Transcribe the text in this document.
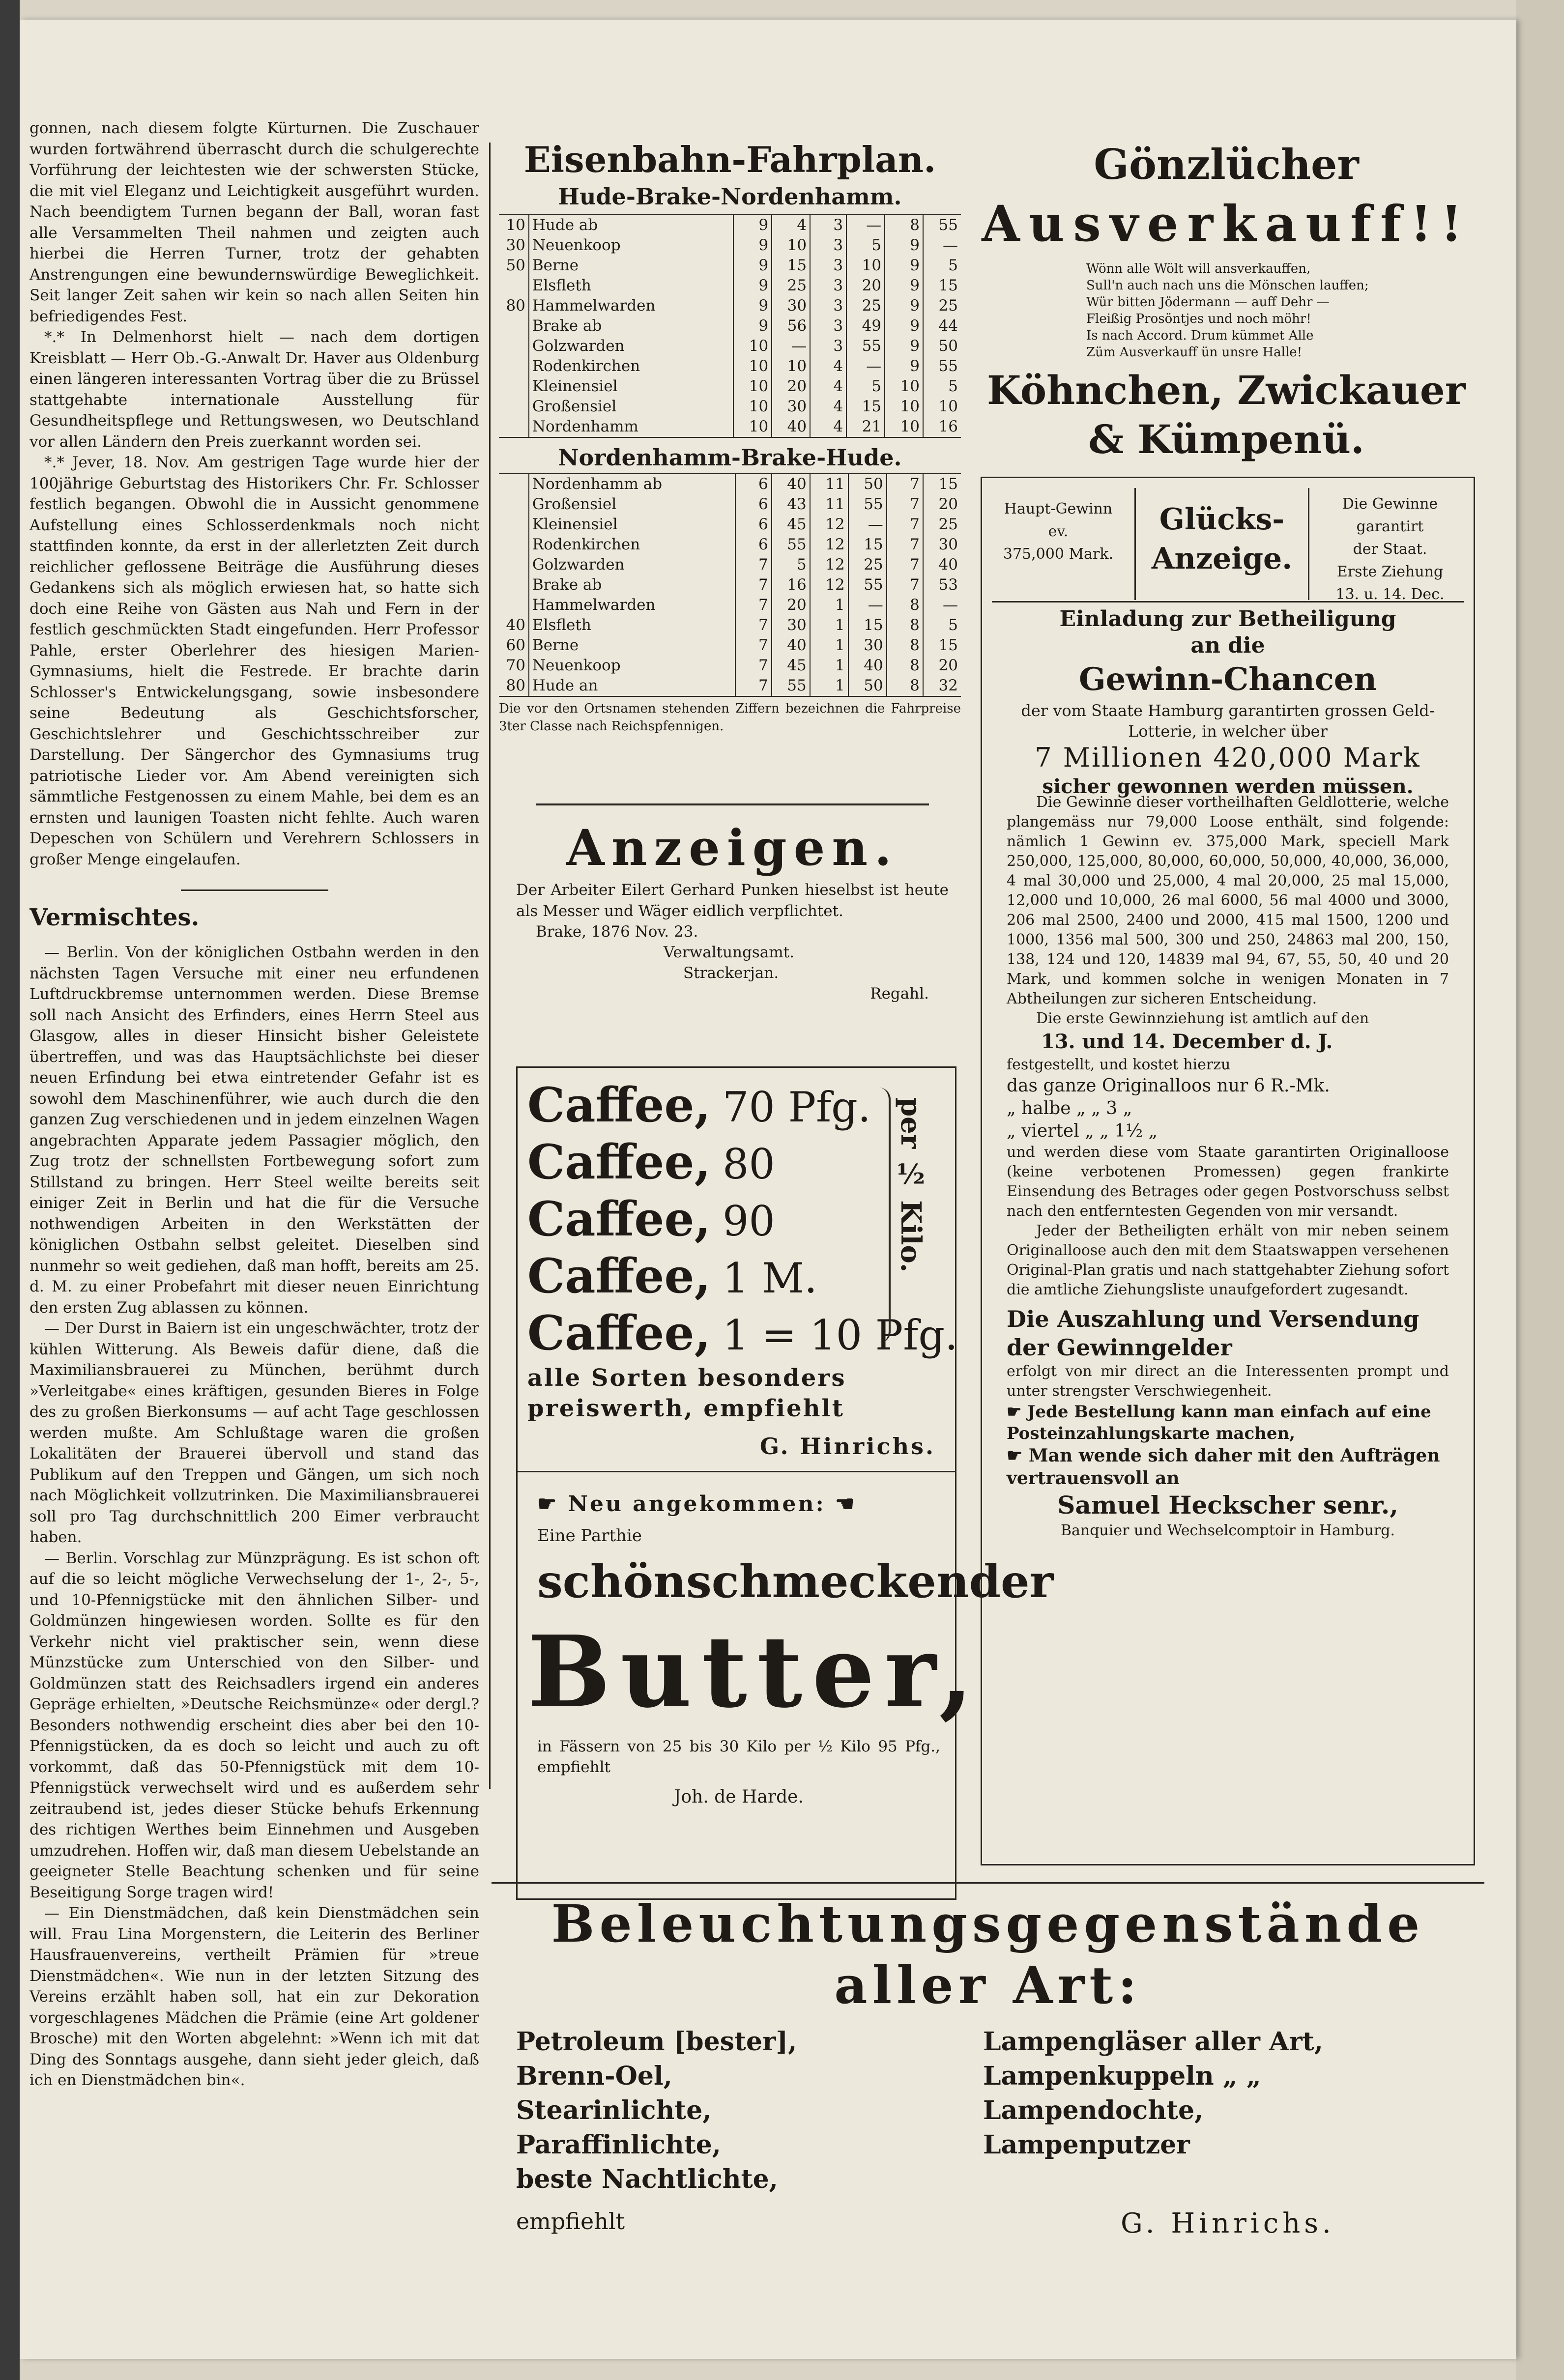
gonnen, nach diesem folgte Kürturnen. Die Zuschauer wurden fortwährend überrascht durch die schulgerechte Vorführung der leichtesten wie der schwersten Stücke, die mit viel Eleganz und Leichtigkeit ausgeführt wurden. Nach beendigtem Turnen begann der Ball, woran fast alle Versammelten Theil nahmen und zeigten auch hierbei die Herren Turner, trotz der gehabten Anstrengungen eine bewundernswürdige Beweglichkeit. Seit langer Zeit sahen wir kein so nach allen Seiten hin befriedigendes Fest.

*.* In Delmenhorst hielt — nach dem dortigen Kreisblatt — Herr Ob.-G.-Anwalt Dr. Haver aus Oldenburg einen längeren interessanten Vortrag über die zu Brüssel stattgehabte internationale Ausstellung für Gesundheitspflege und Rettungswesen, wo Deutschland vor allen Ländern den Preis zuerkannt worden sei.

*.* Jever, 18. Nov. Am gestrigen Tage wurde hier der 100jährige Geburtstag des Historikers Chr. Fr. Schlosser festlich begangen. Obwohl die in Aussicht genommene Aufstellung eines Schlosserdenkmals noch nicht stattfinden konnte, da erst in der allerletzten Zeit durch reichlicher geflossene Beiträge die Ausführung dieses Gedankens sich als möglich erwiesen hat, so hatte sich doch eine Reihe von Gästen aus Nah und Fern in der festlich geschmückten Stadt eingefunden. Herr Professor Pahle, erster Oberlehrer des hiesigen Marien-Gymnasiums, hielt die Festrede. Er brachte darin Schlosser's Entwickelungsgang, sowie insbesondere seine Bedeutung als Geschichtsforscher, Geschichtslehrer und Geschichtsschreiber zur Darstellung. Der Sängerchor des Gymnasiums trug patriotische Lieder vor. Am Abend vereinigten sich sämmtliche Festgenossen zu einem Mahle, bei dem es an ernsten und launigen Toasten nicht fehlte. Auch waren Depeschen von Schülern und Verehrern Schlossers in großer Menge eingelaufen.

Vermischtes.

— Berlin. Von der königlichen Ostbahn werden in den nächsten Tagen Versuche mit einer neu erfundenen Luftdruckbremse unternommen werden. Diese Bremse soll nach Ansicht des Erfinders, eines Herrn Steel aus Glasgow, alles in dieser Hinsicht bisher Geleistete übertreffen, und was das Hauptsächlichste bei dieser neuen Erfindung bei etwa eintretender Gefahr ist es sowohl dem Maschinenführer, wie auch durch die den ganzen Zug verschiedenen und in jedem einzelnen Wagen angebrachten Apparate jedem Passagier möglich, den Zug trotz der schnellsten Fortbewegung sofort zum Stillstand zu bringen. Herr Steel weilte bereits seit einiger Zeit in Berlin und hat die für die Versuche nothwendigen Arbeiten in den Werkstätten der königlichen Ostbahn selbst geleitet. Dieselben sind nunmehr so weit gediehen, daß man hofft, bereits am 25. d. M. zu einer Probefahrt mit dieser neuen Einrichtung den ersten Zug ablassen zu können.

— Der Durst in Baiern ist ein ungeschwächter, trotz der kühlen Witterung. Als Beweis dafür diene, daß die Maximiliansbrauerei zu München, berühmt durch »Verleitgabe« eines kräftigen, gesunden Bieres in Folge des zu großen Bierkonsums — auf acht Tage geschlossen werden mußte. Am Schlußtage waren die großen Lokalitäten der Brauerei übervoll und stand das Publikum auf den Treppen und Gängen, um sich noch nach Möglichkeit vollzutrinken. Die Maximiliansbrauerei soll pro Tag durchschnittlich 200 Eimer verbraucht haben.

— Berlin. Vorschlag zur Münzprägung. Es ist schon oft auf die so leicht mögliche Verwechselung der 1-, 2-, 5-, und 10-Pfennigstücke mit den ähnlichen Silber- und Goldmünzen hingewiesen worden. Sollte es für den Verkehr nicht viel praktischer sein, wenn diese Münzstücke zum Unterschied von den Silber- und Goldmünzen statt des Reichsadlers irgend ein anderes Gepräge erhielten, »Deutsche Reichsmünze« oder dergl.? Besonders nothwendig erscheint dies aber bei den 10-Pfennigstücken, da es doch so leicht und auch zu oft vorkommt, daß das 50-Pfennigstück mit dem 10-Pfennigstück verwechselt wird und es außerdem sehr zeitraubend ist, jedes dieser Stücke behufs Erkennung des richtigen Werthes beim Einnehmen und Ausgeben umzudrehen. Hoffen wir, daß man diesem Uebelstande an geeigneter Stelle Beachtung schenken und für seine Beseitigung Sorge tragen wird!

— Ein Dienstmädchen, daß kein Dienstmädchen sein will. Frau Lina Morgenstern, die Leiterin des Berliner Hausfrauenvereins, vertheilt Prämien für »treue Dienstmädchen«. Wie nun in der letzten Sitzung des Vereins erzählt haben soll, hat ein zur Dekoration vorgeschlagenes Mädchen die Prämie (eine Art goldener Brosche) mit den Worten abgelehnt: »Wenn ich mit dat Ding des Sonntags ausgehe, dann sieht jeder gleich, daß ich en Dienstmädchen bin«.

Eisenbahn-Fahrplan.
Hude-Brake-Nordenhamm.
10	Hude ab	9	4	3	—	8	55
30	Neuenkoop	9	10	3	5	9	—
50	Berne	9	15	3	10	9	5
	Elsfleth	9	25	3	20	9	15
80	Hammelwarden	9	30	3	25	9	25
	Brake ab	9	56	3	49	9	44
	Golzwarden	10	—	3	55	9	50
	Rodenkirchen	10	10	4	—	9	55
	Kleinensiel	10	20	4	5	10	5
	Großensiel	10	30	4	15	10	10
	Nordenhamm	10	40	4	21	10	16
Nordenhamm-Brake-Hude.
	Nordenhamm ab	6	40	11	50	7	15
	Großensiel	6	43	11	55	7	20
	Kleinensiel	6	45	12	—	7	25
	Rodenkirchen	6	55	12	15	7	30
	Golzwarden	7	5	12	25	7	40
	Brake ab	7	16	12	55	7	53
	Hammelwarden	7	20	1	—	8	—
40	Elsfleth	7	30	1	15	8	5
60	Berne	7	40	1	30	8	15
70	Neuenkoop	7	45	1	40	8	20
80	Hude an	7	55	1	50	8	32

Die vor den Ortsnamen stehenden Ziffern bezeichnen die Fahrpreise 3ter Classe nach Reichspfennigen.

Anzeigen.

Der Arbeiter Eilert Gerhard Punken hieselbst ist heute als Messer und Wäger eidlich verpflichtet.

Brake, 1876 Nov. 23.
Verwaltungsamt.
Strackerjan.
Regahl.
Caffee, 70 Pfg.
Caffee, 80
Caffee, 90
Caffee, 1 M.
Caffee, 1 = 10 Pfg.
per ½ Kilo.
alle Sorten besonders preiswerth, empfiehlt
G. Hinrichs.
☛ Neu angekommen: ☚
Eine Parthie
schönschmeckender
Butter,
in Fässern von 25 bis 30 Kilo per ½ Kilo 95 Pfg., empfiehlt
Joh. de Harde.
Gönzlücher
Ausverkauff!!
Wönn alle Wölt will ansverkauffen,
Sull'n auch nach uns die Mönschen lauffen;
Wür bitten Jödermann — auff Dehr —
Fleißig Prosöntjes und noch möhr!
Is nach Accord. Drum kümmet Alle
Züm Ausverkauff ün unsre Halle!
Köhnchen, Zwickauer
& Kümpenü.
Haupt-Gewinn
ev.
375,000 Mark.
Glücks-
Anzeige.
Die Gewinne
garantirt
der Staat.
Erste Ziehung
13. u. 14. Dec.
Einladung zur Betheiligung
an die
Gewinn-Chancen
der vom Staate Hamburg garantirten grossen Geld-Lotterie, in welcher über
7 Millionen 420,000 Mark
sicher gewonnen werden müssen.

Die Gewinne dieser vortheilhaften Geldlotterie, welche plangemäss nur 79,000 Loose enthält, sind folgende: nämlich 1 Gewinn ev. 375,000 Mark, speciell Mark 250,000, 125,000, 80,000, 60,000, 50,000, 40,000, 36,000, 4 mal 30,000 und 25,000, 4 mal 20,000, 25 mal 15,000, 12,000 und 10,000, 26 mal 6000, 56 mal 4000 und 3000, 206 mal 2500, 2400 und 2000, 415 mal 1500, 1200 und 1000, 1356 mal 500, 300 und 250, 24863 mal 200, 150, 138, 124 und 120, 14839 mal 94, 67, 55, 50, 40 und 20 Mark, und kommen solche in wenigen Monaten in 7 Abtheilungen zur sicheren Entscheidung.

Die erste Gewinnziehung ist amtlich auf den

13. und 14. December d. J.

festgestellt, und kostet hierzu

das ganze Originalloos nur 6 R.-Mk.
„ halbe „ „ 3 „
„ viertel „ „ 1½ „

und werden diese vom Staate garantirten Originalloose (keine verbotenen Promessen) gegen frankirte Einsendung des Betrages oder gegen Postvorschuss selbst nach den entferntesten Gegenden von mir versandt.

Jeder der Betheiligten erhält von mir neben seinem Originalloose auch den mit dem Staatswappen versehenen Original-Plan gratis und nach stattgehabter Ziehung sofort die amtliche Ziehungsliste unaufgefordert zugesandt.

Die Auszahlung und Versendung der Gewinngelder

erfolgt von mir direct an die Interessenten prompt und unter strengster Verschwiegenheit.

☛ Jede Bestellung kann man einfach auf eine Posteinzahlungskarte machen,
☛ Man wende sich daher mit den Aufträgen vertrauensvoll an
Samuel Heckscher senr.,
Banquier und Wechselcomptoir in Hamburg.
Beleuchtungsgegenstände
aller Art:
Petroleum [bester],
Brenn-Oel,
Stearinlichte,
Paraffinlichte,
beste Nachtlichte,
Lampengläser aller Art,
Lampenkuppeln „ „
Lampendochte,
Lampenputzer
empfiehlt	G. Hinrichs.
